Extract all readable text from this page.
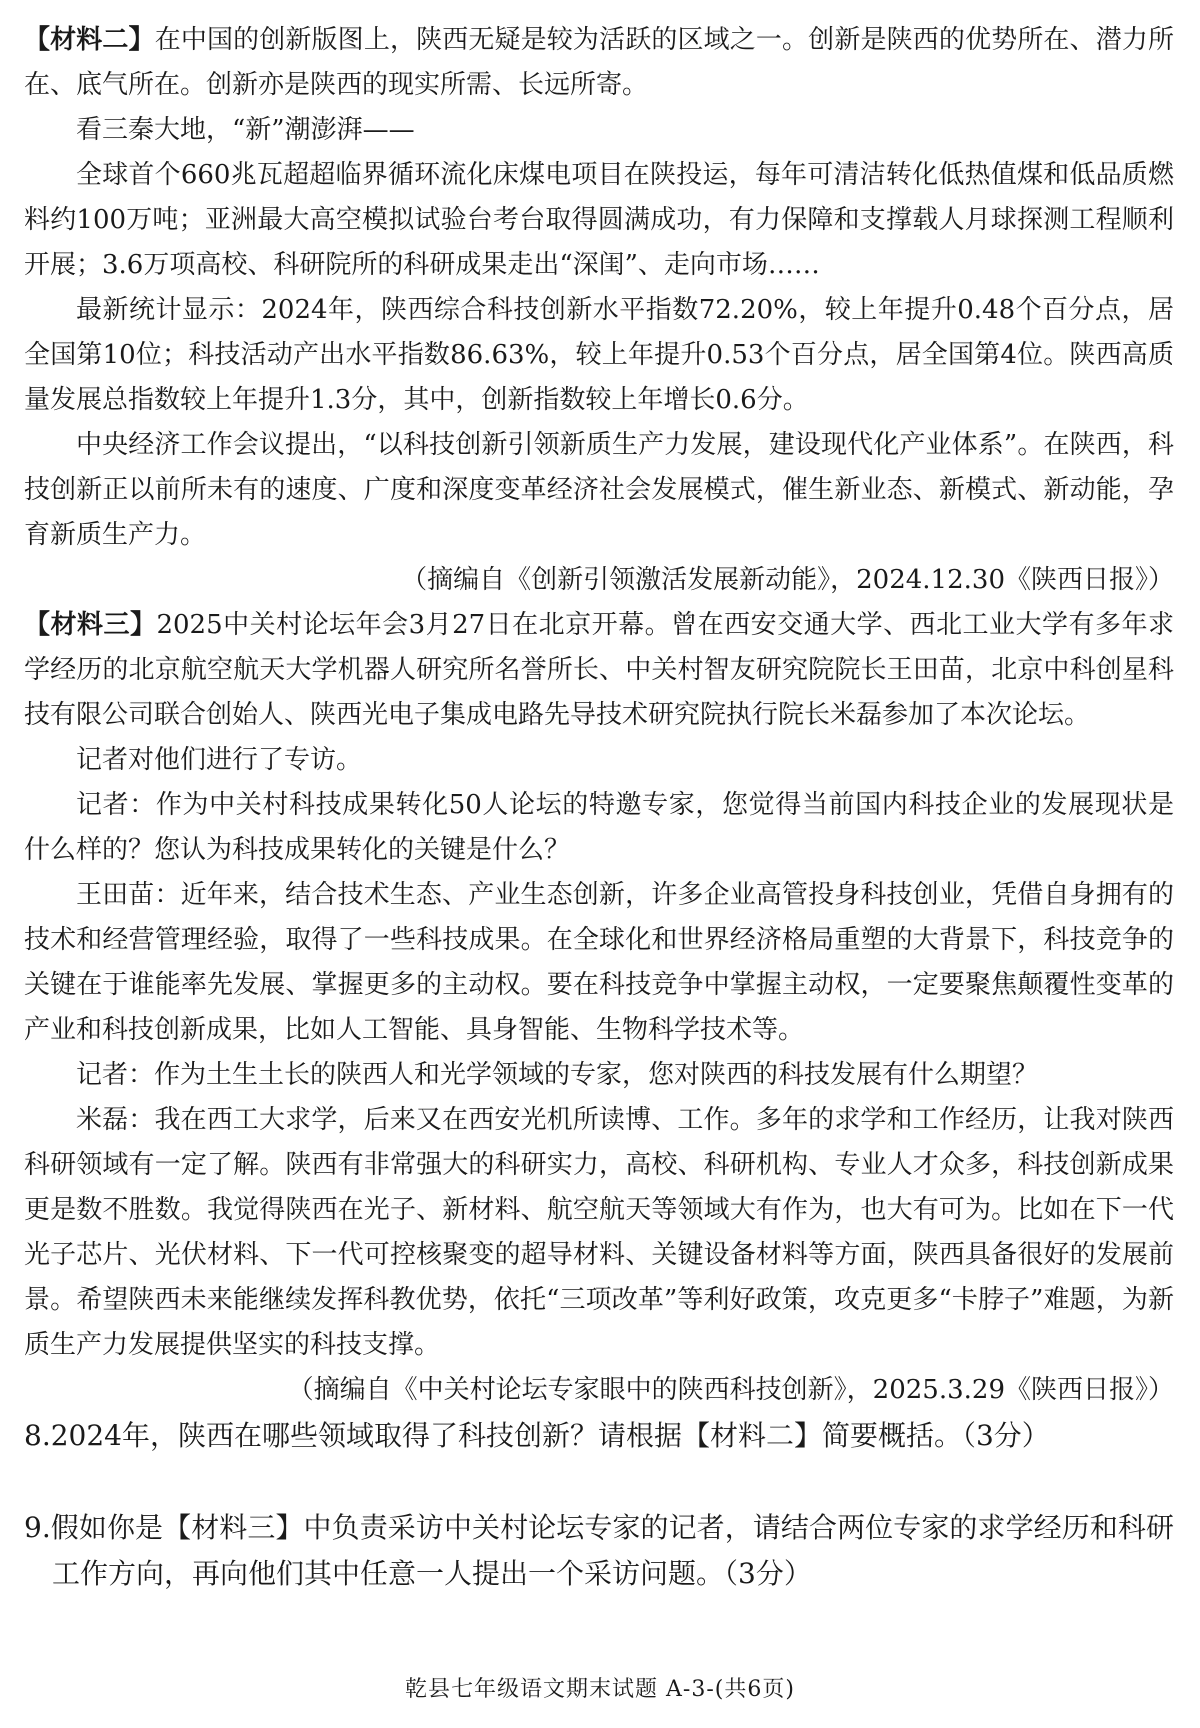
【材料二】在中国的创新版图上，陕西无疑是较为活跃的区域之一。创新是陕西的优势所在、潜力所在、底气所在。创新亦是陕西的现实所需、长远所寄。

看三秦大地，“新”潮澎湃——

全球首个660兆瓦超超临界循环流化床煤电项目在陕投运，每年可清洁转化低热值煤和低品质燃料约100万吨；亚洲最大高空模拟试验台考台取得圆满成功，有力保障和支撑载人月球探测工程顺利开展；3.6万项高校、科研院所的科研成果走出“深闺”、走向市场……

最新统计显示：2024年，陕西综合科技创新水平指数72.20%，较上年提升0.48个百分点，居全国第10位；科技活动产出水平指数86.63%，较上年提升0.53个百分点，居全国第4位。陕西高质量发展总指数较上年提升1.3分，其中，创新指数较上年增长0.6分。

中央经济工作会议提出，“以科技创新引领新质生产力发展，建设现代化产业体系”。在陕西，科技创新正以前所未有的速度、广度和深度变革经济社会发展模式，催生新业态、新模式、新动能，孕育新质生产力。

（摘编自《创新引领激活发展新动能》，2024.12.30《陕西日报》）

【材料三】2025中关村论坛年会3月27日在北京开幕。曾在西安交通大学、西北工业大学有多年求学经历的北京航空航天大学机器人研究所名誉所长、中关村智友研究院院长王田苗，北京中科创星科技有限公司联合创始人、陕西光电子集成电路先导技术研究院执行院长米磊参加了本次论坛。

记者对他们进行了专访。

记者：作为中关村科技成果转化50人论坛的特邀专家，您觉得当前国内科技企业的发展现状是什么样的？您认为科技成果转化的关键是什么？

王田苗：近年来，结合技术生态、产业生态创新，许多企业高管投身科技创业，凭借自身拥有的技术和经营管理经验，取得了一些科技成果。在全球化和世界经济格局重塑的大背景下，科技竞争的关键在于谁能率先发展、掌握更多的主动权。要在科技竞争中掌握主动权，一定要聚焦颠覆性变革的产业和科技创新成果，比如人工智能、具身智能、生物科学技术等。

记者：作为土生土长的陕西人和光学领域的专家，您对陕西的科技发展有什么期望？

米磊：我在西工大求学，后来又在西安光机所读博、工作。多年的求学和工作经历，让我对陕西科研领域有一定了解。陕西有非常强大的科研实力，高校、科研机构、专业人才众多，科技创新成果更是数不胜数。我觉得陕西在光子、新材料、航空航天等领域大有作为，也大有可为。比如在下一代光子芯片、光伏材料、下一代可控核聚变的超导材料、关键设备材料等方面，陕西具备很好的发展前景。希望陕西未来能继续发挥科教优势，依托“三项改革”等利好政策，攻克更多“卡脖子”难题，为新质生产力发展提供坚实的科技支撑。

（摘编自《中关村论坛专家眼中的陕西科技创新》，2025.3.29《陕西日报》）

8.2024年，陕西在哪些领域取得了科技创新？请根据【材料二】简要概括。（3分）

9.假如你是【材料三】中负责采访中关村论坛专家的记者，请结合两位专家的求学经历和科研工作方向，再向他们其中任意一人提出一个采访问题。（3分）

乾县七年级语文期末试题 A-3-(共6页)
